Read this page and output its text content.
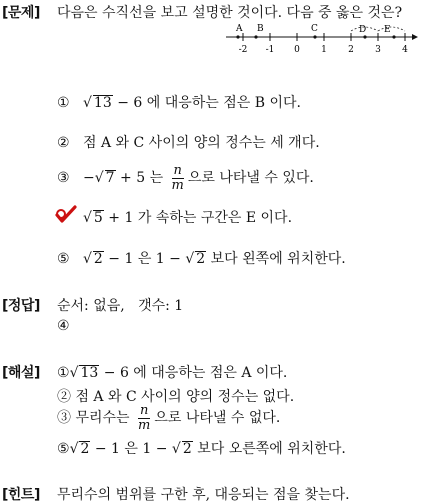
[문제] 다음은 수직선을 보고 설명한 것이다. 다음 중 옳은 것은?
A B	C	D E
-2 -1 0 1 2 3 4
① √ 13 − 6 에 대응하는 점은 B 이다.
② 점 A 와 C 사이의 양의 정수는 세 개다.
③ −√ 7 + 5 는 $\frac{n}{m}$ 으로 나타낼 수 있다.
√ 5 + 1 가 속하는 구간은 E 이다.
⑤ √ 2 − 1 은 1 − √ 2 보다 왼쪽에 위치한다.
[정답] 순서: 없음,   갯수: 1
④
[해설] ①√ 13 − 6 에 대응하는 점은 A 이다.
② 점 A 와 C 사이의 양의 정수는 없다.
③ 무리수는 $\frac{n}{m}$ 으로 나타낼 수 없다.
⑤√ 2 − 1 은 1 − √ 2 보다 오른쪽에 위치한다.
[힌트] 무리수의 범위를 구한 후, 대응되는 점을 찾는다.
